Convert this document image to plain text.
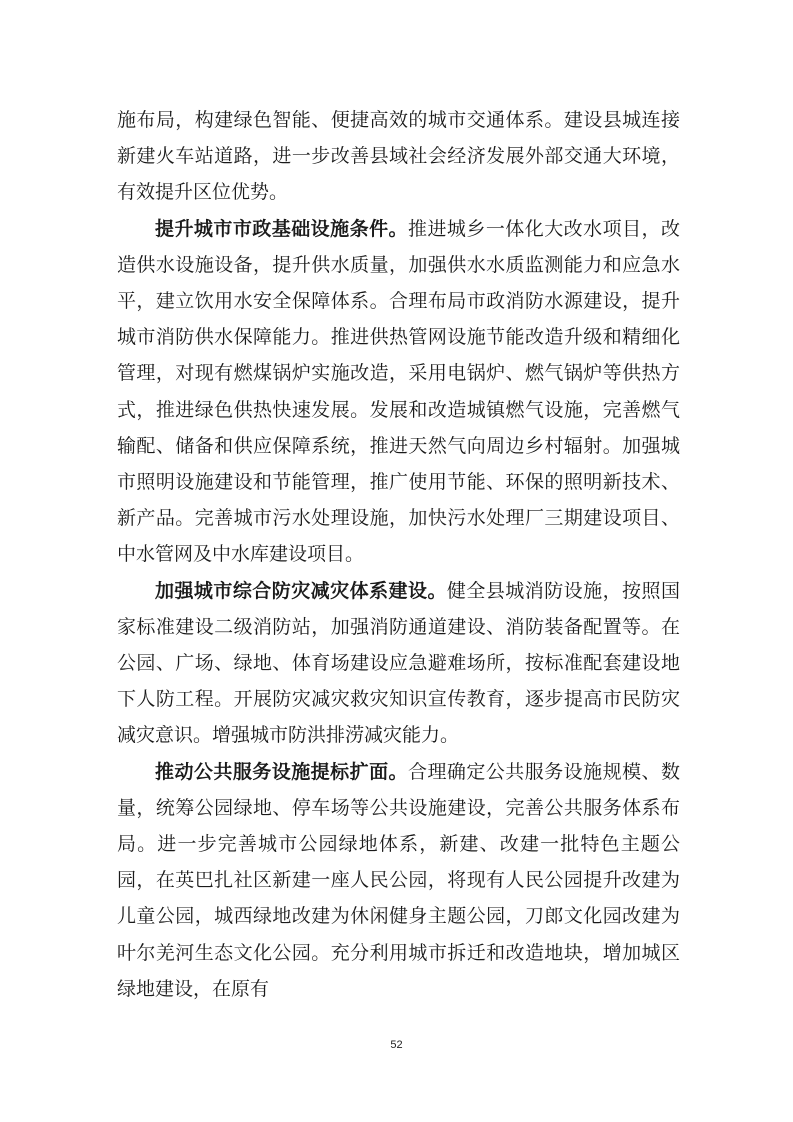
施布局，构建绿色智能、便捷高效的城市交通体系。建设县城连接新建火车站道路，进一步改善县域社会经济发展外部交通大环境，有效提升区位优势。

提升城市市政基础设施条件。推进城乡一体化大改水项目，改造供水设施设备，提升供水质量，加强供水水质监测能力和应急水平，建立饮用水安全保障体系。合理布局市政消防水源建设，提升城市消防供水保障能力。推进供热管网设施节能改造升级和精细化管理，对现有燃煤锅炉实施改造，采用电锅炉、燃气锅炉等供热方式，推进绿色供热快速发展。发展和改造城镇燃气设施，完善燃气输配、储备和供应保障系统，推进天然气向周边乡村辐射。加强城市照明设施建设和节能管理，推广使用节能、环保的照明新技术、新产品。完善城市污水处理设施，加快污水处理厂三期建设项目、中水管网及中水库建设项目。

加强城市综合防灾减灾体系建设。健全县城消防设施，按照国家标准建设二级消防站，加强消防通道建设、消防装备配置等。在公园、广场、绿地、体育场建设应急避难场所，按标准配套建设地下人防工程。开展防灾减灾救灾知识宣传教育，逐步提高市民防灾减灾意识。增强城市防洪排涝减灾能力。

推动公共服务设施提标扩面。合理确定公共服务设施规模、数量，统筹公园绿地、停车场等公共设施建设，完善公共服务体系布局。进一步完善城市公园绿地体系，新建、改建一批特色主题公园，在英巴扎社区新建一座人民公园，将现有人民公园提升改建为儿童公园，城西绿地改建为休闲健身主题公园，刀郎文化园改建为叶尔羌河生态文化公园。充分利用城市拆迁和改造地块，增加城区绿地建设，在原有

52
